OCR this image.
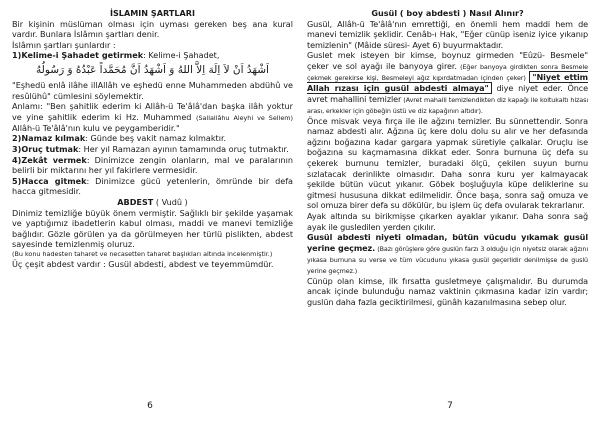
İSLAMIN ŞARTLARI

Bir kişinin müslüman olması için uyması gereken beş ana kural vardır. Bunlara İslâmın şartları denir.

İslâmın şartları şunlardır :

1)Kelime-i Şahadet getirmek: Kelime-i Şahadet,

اَشْهَدُ اَنْ لاَ اِلَهَ اِلاَّ اللهُ وَ اَشْهَدُ اَنَّ مُحَمَّداً عَبْدُهُ وَ رَسُولُهُ

"Eşhedü enlâ ilâhe illAllâh ve eşhedü enne Muhammeden abdühû ve resûlühû" cümlesini söylemektir.

Anlamı: "Ben şahitlik ederim ki Allâh-ü Te'âlâ'dan başka ilâh yoktur ve yine şahitlik ederim ki Hz. Muhammed (Sallallâhu Aleyhi ve Sellem) Allâh-ü Te'âlâ'nın kulu ve peygamberidir."

2)Namaz kılmak: Günde beş vakit namaz kılmaktır.

3)Oruç tutmak: Her yıl Ramazan ayının tamamında oruç tutmaktır.

4)Zekât vermek: Dinimizce zengin olanların, mal ve paralarının belirli bir miktarını her yıl fakirlere vermesidir.

5)Hacca gitmek: Dinimizce gücü yetenlerin, ömründe bir defa hacca gitmesidir.

ABDEST ( Vudû )

Dinimiz temizliğe büyük önem vermiştir. Sağlıklı bir şekilde yaşamak ve yaptığımız ibadetlerin kabul olması, maddi ve manevi temizliğe bağlıdır. Gözle görülen ya da görülmeyen her türlü pislikten, abdest sayesinde temizlenmiş oluruz.

(Bu konu hadesten taharet ve necasetten taharet başlıkları altında incelenmiştir.)

Üç çeşit abdest vardır : Gusül abdesti, abdest ve teyemmümdür.

6

Gusül ( boy abdesti ) Nasıl Alınır?

Gusül, Allâh-ü Te'âlâ'nın emrettiği, en önemli hem maddi hem de manevi temizlik şeklidir. Cenâb-ı Hak, "Eğer cünüp iseniz iyice yıkanıp temizlenin" (Mâide süresi- Ayet 6) buyurmaktadır.

Guslet mek isteyen bir kimse, boynuz girmeden "Eûzü- Besmele" çeker ve sol ayağı ile banyoya girer. (Eğer banyoya girdikten sonra Besmele çekmek gerekirse kişi, Besmeleyi ağız kıpırdatmadan içinden çeker) "Niyet ettim Allah rızası için gusül abdesti almaya" diye niyet eder. Önce avret mahallini temizler (Avret mahalli temizlendikten diz kapağı ile koltukaltı hizası arası, erkekler için göbeğin üstü ve diz kapağının altıdır).

Önce misvak veya fırça ile ile ağzını temizler. Bu sünnettendir. Sonra namaz abdesti alır. Ağzına üç kere dolu dolu su alır ve her defasında ağzını boğazına kadar gargara yapmak süretiyle çalkalar. Oruçlu ise boğazına su kaçmamasına dikkat eder. Sonra burnuna üç defa su çekerek burnunu temizler, buradaki ölçü, çekilen suyun burnu sızlatacak derinlikte olmasıdır. Daha sonra kuru yer kalmayacak şekilde bütün vücut yıkanır. Göbek boşluğuyla küpe deliklerine su gitmesi hususuna dikkat edilmelidir. Önce başa, sonra sağ omuza ve sol omuza birer defa su dökülür, bu işlem üç defa ovularak tekrarlanır.

Ayak altında su birikmişse çıkarken ayaklar yıkanır. Daha sonra sağ ayak ile gusledilen yerden çıkılır.

Gusül abdesti niyeti olmadan, bütün vücudu yıkamak gusül yerine geçmez. (Bazı görüşlere göre guslün farzı 3 olduğu için niyetsiz olarak ağzını yıkasa burnuna su verse ve tüm vücudunu yıkasa gusül geçerlidir denilmişse de guslü yerine geçmez.)

Cünüp olan kimse, ilk fırsatta gusletmeye çalışmalıdır. Bu durumda ancak içinde bulunduğu namaz vaktinin çıkmasına kadar izin vardır; guslün daha fazla geciktirilmesi, günâh kazanılmasına sebep olur.

7
